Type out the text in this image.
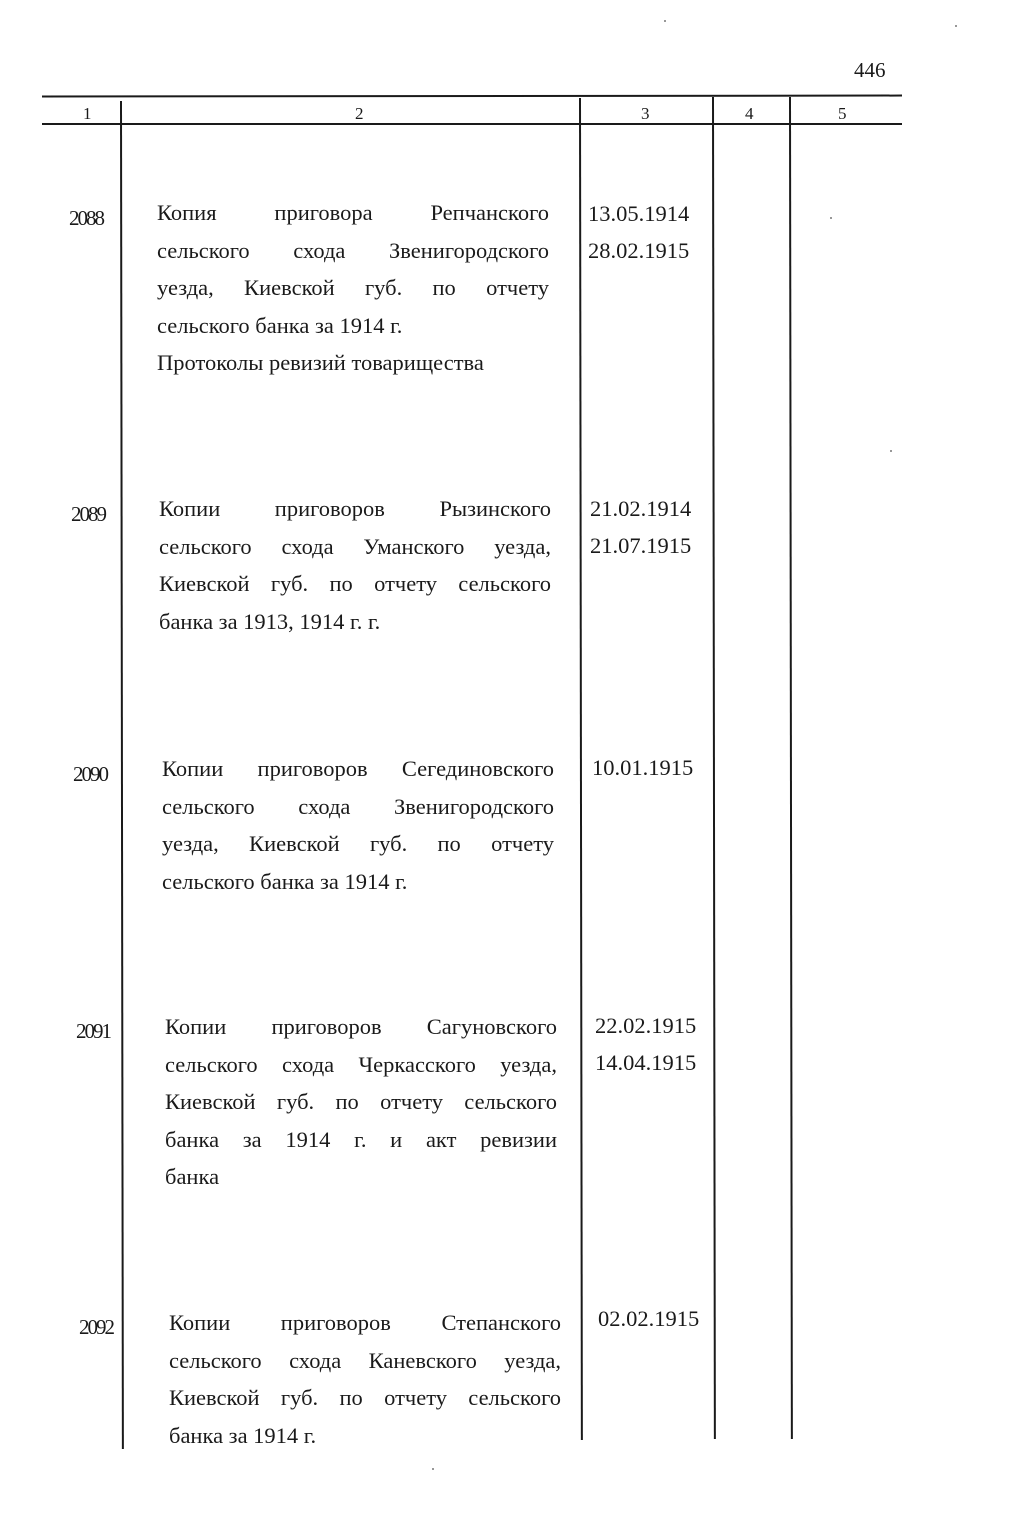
446
1	2	3	4	5
2088 Копия приговора Репчанского
сельского схода Звенигородского
уезда, Киевской губ. по отчету
сельского банка за 1914 г.
Протоколы ревизий товарищества
13.05.1914
28.02.1915
2089 Копии приговоров Рызинского
сельского схода Уманского уезда,
Киевской губ. по отчету сельского
банка за 1913, 1914 г. г.
21.02.1914
21.07.1915
2090 Копии приговоров Сегединовского
сельского схода Звенигородского
уезда, Киевской губ. по отчету
сельского банка за 1914 г.
10.01.1915
2091 Копии приговоров Сагуновского
сельского схода Черкасского уезда,
Киевской губ. по отчету сельского
банка за 1914 г. и акт ревизии
банка
22.02.1915
14.04.1915
2092 Копии приговоров Степанского
сельского схода Каневского уезда,
Киевской губ. по отчету сельского
банка за 1914 г.
02.02.1915
